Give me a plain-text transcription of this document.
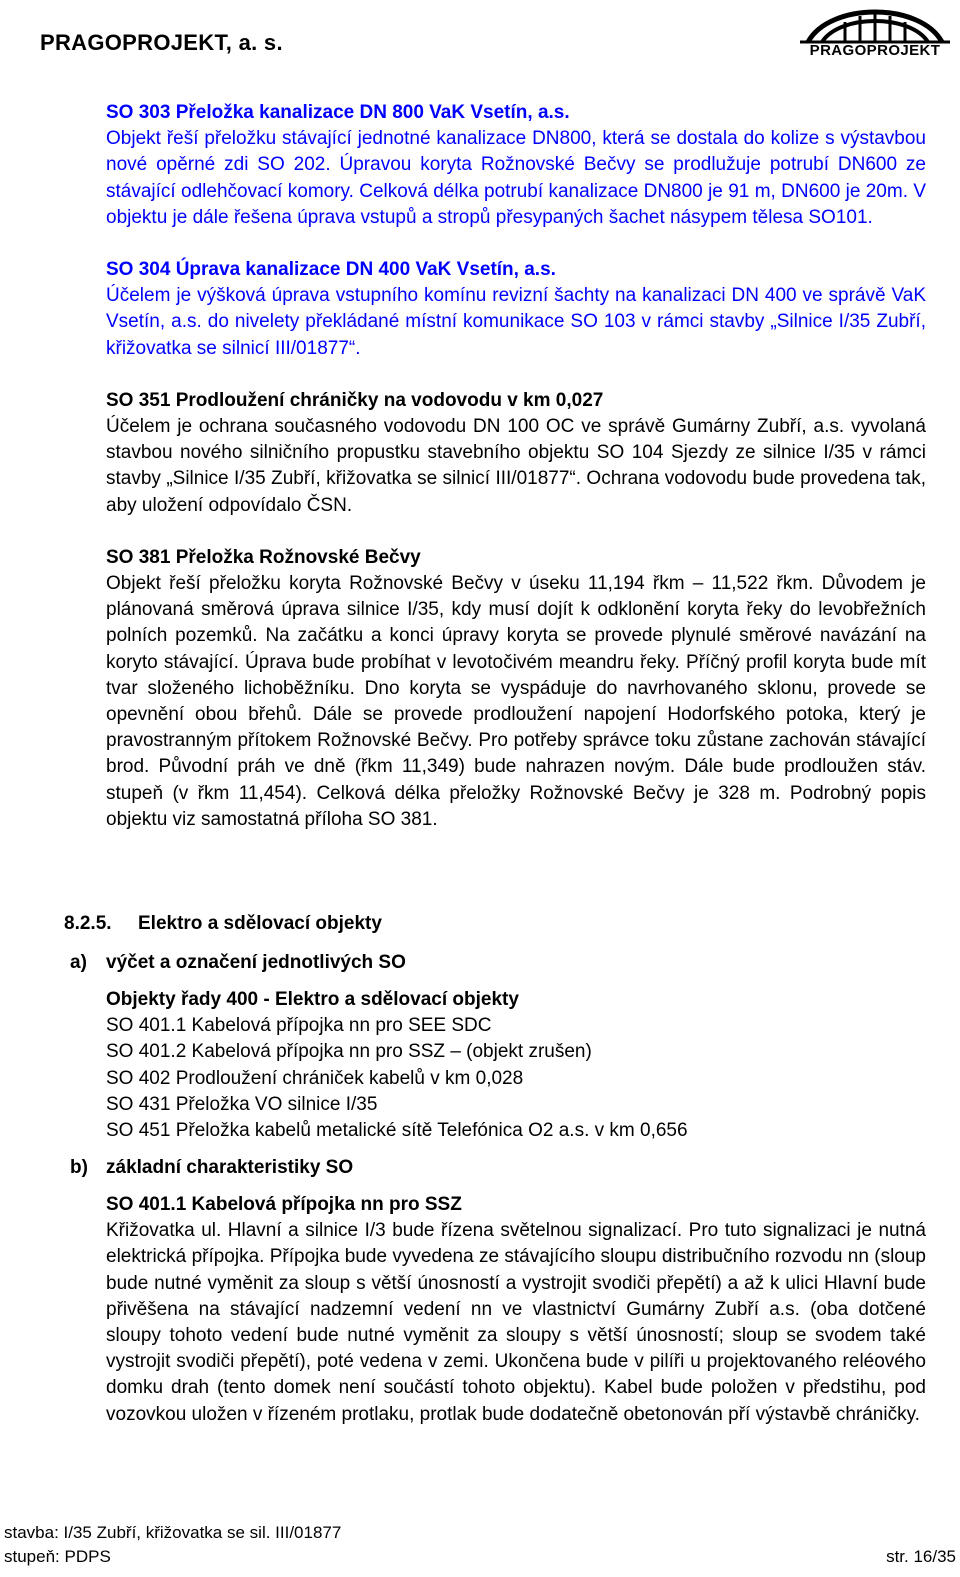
PRAGOPROJEKT, a. s.	PRAGOPROJEKT
SO 303 Přeložka kanalizace DN 800 VaK Vsetín, a.s.

Objekt řeší přeložku stávající jednotné kanalizace DN800, která se dostala do kolize s výstavbou nové opěrné zdi SO 202. Úpravou koryta Rožnovské Bečvy se prodlužuje potrubí DN600 ze stávající odlehčovací komory. Celková délka potrubí kanalizace DN800 je 91 m, DN600 je 20m. V objektu je dále řešena úprava vstupů a stropů přesypaných šachet násypem tělesa SO101.

SO 304 Úprava kanalizace DN 400 VaK Vsetín, a.s.

Účelem je výšková úprava vstupního komínu revizní šachty na kanalizaci DN 400 ve správě VaK Vsetín, a.s. do nivelety překládané místní komunikace SO 103 v rámci stavby „Silnice I/35 Zubří, křižovatka se silnicí III/01877“.

SO 351 Prodloužení chráničky na vodovodu v km 0,027

Účelem je ochrana současného vodovodu DN 100 OC ve správě Gumárny Zubří, a.s. vyvolaná stavbou nového silničního propustku stavebního objektu SO 104 Sjezdy ze silnice I/35 v rámci stavby „Silnice I/35 Zubří, křižovatka se silnicí III/01877“. Ochrana vodovodu bude provedena tak, aby uložení odpovídalo ČSN.

SO 381 Přeložka Rožnovské Bečvy

Objekt řeší přeložku koryta Rožnovské Bečvy v úseku 11,194 řkm – 11,522 řkm. Důvodem je plánovaná směrová úprava silnice I/35, kdy musí dojít k odklonění koryta řeky do levobřežních polních pozemků. Na začátku a konci úpravy koryta se provede plynulé směrové navázání na koryto stávající. Úprava bude probíhat v levotočivém meandru řeky. Příčný profil koryta bude mít tvar složeného lichoběžníku. Dno koryta se vyspáduje do navrhovaného sklonu, provede se opevnění obou břehů. Dále se provede prodloužení napojení Hodorfského potoka, který je pravostranným přítokem Rožnovské Bečvy. Pro potřeby správce toku zůstane zachován stávající brod. Původní práh ve dně (řkm 11,349) bude nahrazen novým. Dále bude prodloužen stáv. stupeň (v řkm 11,454). Celková délka přeložky Rožnovské Bečvy je 328 m. Podrobný popis objektu viz samostatná příloha SO 381.

8.2.5. Elektro a sdělovací objekty
a) výčet a označení jednotlivých SO
Objekty řady 400 - Elektro a sdělovací objekty
SO 401.1 Kabelová přípojka nn pro SEE SDC
SO 401.2 Kabelová přípojka nn pro SSZ – (objekt zrušen)
SO 402 Prodloužení chrániček kabelů v km 0,028
SO 431 Přeložka VO silnice I/35
SO 451 Přeložka kabelů metalické sítě Telefónica O2 a.s. v km 0,656
b) základní charakteristiky SO
SO 401.1 Kabelová přípojka nn pro SSZ

Křižovatka ul. Hlavní a silnice I/3 bude řízena světelnou signalizací. Pro tuto signalizaci je nutná elektrická přípojka. Přípojka bude vyvedena ze stávajícího sloupu distribučního rozvodu nn (sloup bude nutné vyměnit za sloup s větší únosností a vystrojit svodiči přepětí) a až k ulici Hlavní bude přivěšena na stávající nadzemní vedení nn ve vlastnictví Gumárny Zubří a.s. (oba dotčené sloupy tohoto vedení bude nutné vyměnit za sloupy s větší únosností; sloup se svodem také vystrojit svodiči přepětí), poté vedena v zemi. Ukončena bude v pilíři u projektovaného reléového domku drah (tento domek není součástí tohoto objektu). Kabel bude položen v předstihu, pod vozovkou uložen v řízeném protlaku, protlak bude dodatečně obetonován pří výstavbě chráničky.

stavba: I/35 Zubří, křižovatka se sil. III/01877
stupeň: PDPS	str. 16/35
